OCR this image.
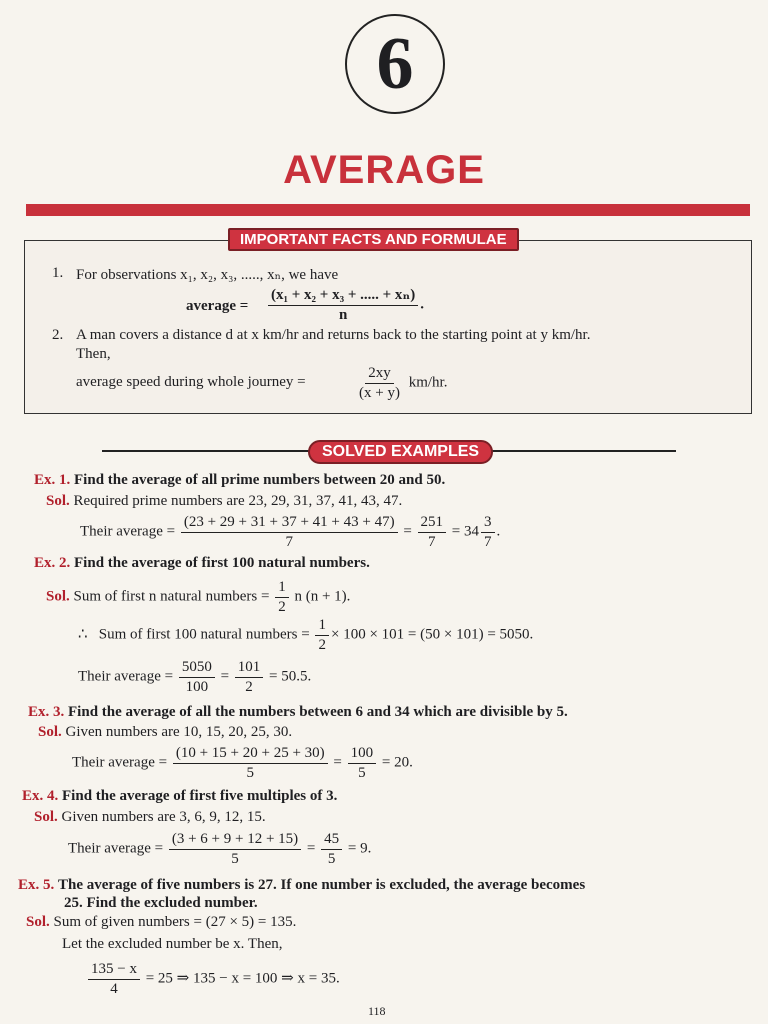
6
AVERAGE
IMPORTANT FACTS AND FORMULAE
1. For observations x₁, x₂, x₃, ....., xₙ, we have
average = $\frac{\text{(x₁ + x₂ + x₃ + ..... + xₙ)}}{n}$ .
2. A man covers a distance d at x km/hr and returns back to the starting point at y km/hr.
Then,
average speed during whole journey =	$\frac{2xy}{(x + y)} km/hr$.
SOLVED EXAMPLES
Ex. 1. Find the average of all prime numbers between 20 and 50.
Sol. Required prime numbers are 23, 29, 31, 37, 41, 43, 47.
Their average = $\frac{(23 + 29 + 31 + 37 + 41 + 43 + 47)}{7} = \frac{251}{7} = 34 \frac{3}{7}$ .
Ex. 2. Find the average of first 100 natural numbers.
Sol. Sum of first n natural numbers = $\frac{1}{2}$ n (n + 1).
∴ Sum of first 100 natural numbers = $\frac{1}{2} \times 100 \times 101 = (50 \times 101) = 5050$.
Their average = $\frac{5050}{100} = \frac{101}{2} = 50.5$.
Ex. 3. Find the average of all the numbers between 6 and 34 which are divisible by 5.
Sol. Given numbers are 10, 15, 20, 25, 30.
Their average = $\frac{(10 + 15 + 20 + 25 + 30)}{5} = \frac{100}{5} = 20$.
Ex. 4. Find the average of first five multiples of 3.
Sol. Given numbers are 3, 6, 9, 12, 15.
Their average = $\frac{(3 + 6 + 9 + 12 + 15)}{5} = \frac{45}{5} = 9$.
Ex. 5. The average of five numbers is 27. If one number is excluded, the average becomes
25. Find the excluded number.
Sol. Sum of given numbers = (27 × 5) = 135.
Let the excluded number be x. Then,
$\frac{135 - x}{4} = 25$ ⇒ 135 − x = 100 ⇒ x = 35.
118
